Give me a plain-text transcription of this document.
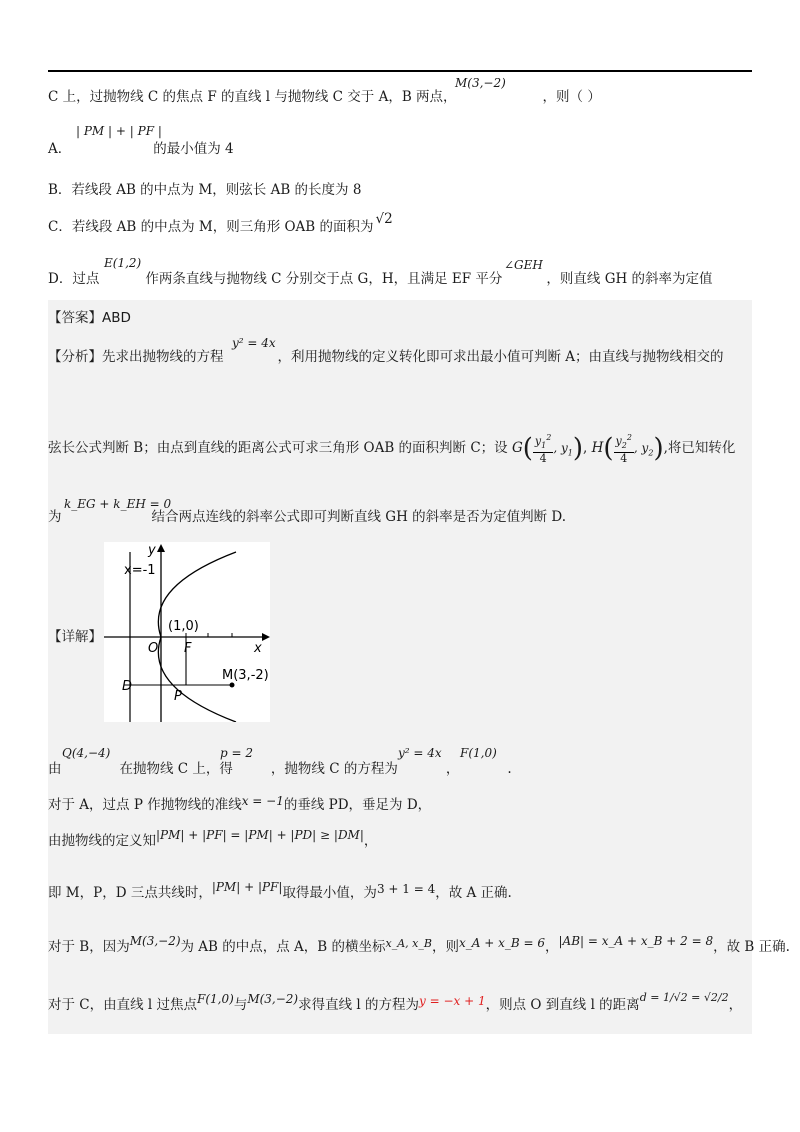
M(3,−2)
C 上，过抛物线 C 的焦点 F 的直线 l 与抛物线 C 交于 A，B 两点，	，则（ ）
| PM | + | PF |
A．	的最小值为 4
B．若线段 AB 的中点为 M，则弦长 AB 的长度为 8
C．若线段 AB 的中点为 M，则三角形 OAB 的面积为 √2
E(1,2)	∠GEH
D．过点	作两条直线与抛物线 C 分别交于点 G，H，且满足 EF 平分	，则直线 GH 的斜率为定值
【答案】ABD
y² = 4x
【分析】先求出抛物线的方程	，利用抛物线的定义转化即可求出最小值可判断 A；由直线与抛物线相交的
弦长公式判断 B；由点到直线的距离公式可求三角形 OAB 的面积判断 C；设 $G( \frac{y_1^2}{4}$ , $y_1$), $H( \frac{y_2^2}{4}$ , $y_2$),将已知转化
k_EG + k_EH = 0
为	结合两点连线的斜率公式即可判断直线 GH 的斜率是否为定值判断 D.
【详解】
y
x
x=-1
(1,0)
O F
M(3,-2)
D
P
Q(4,−4)	p = 2	y² = 4x F(1,0)
由	在抛物线 C 上，得	，抛物线 C 的方程为	，	.
对于 A，过点 P 作抛物线的准线x = −1的垂线 PD，垂足为 D，
由抛物线的定义知|PM| + |PF| = |PM| + |PD| ≥ |DM|，
即 M，P，D 三点共线时，|PM| + |PF|取得最小值，为3 + 1 = 4，故 A 正确.
对于 B，因为M(3,−2)为 AB 的中点，点 A，B 的横坐标$^{x\_A, x\_B}$，则x_A + x_B = 6，|AB| = x_A + x_B + 2 = 8，故 B 正确.
对于 C，由直线 l 过焦点F(1,0)与M(3,−2)求得直线 l 的方程为y = −x + 1，则点 O 到直线 l 的距离$^{d = 1/√2 = √2/2}$，
